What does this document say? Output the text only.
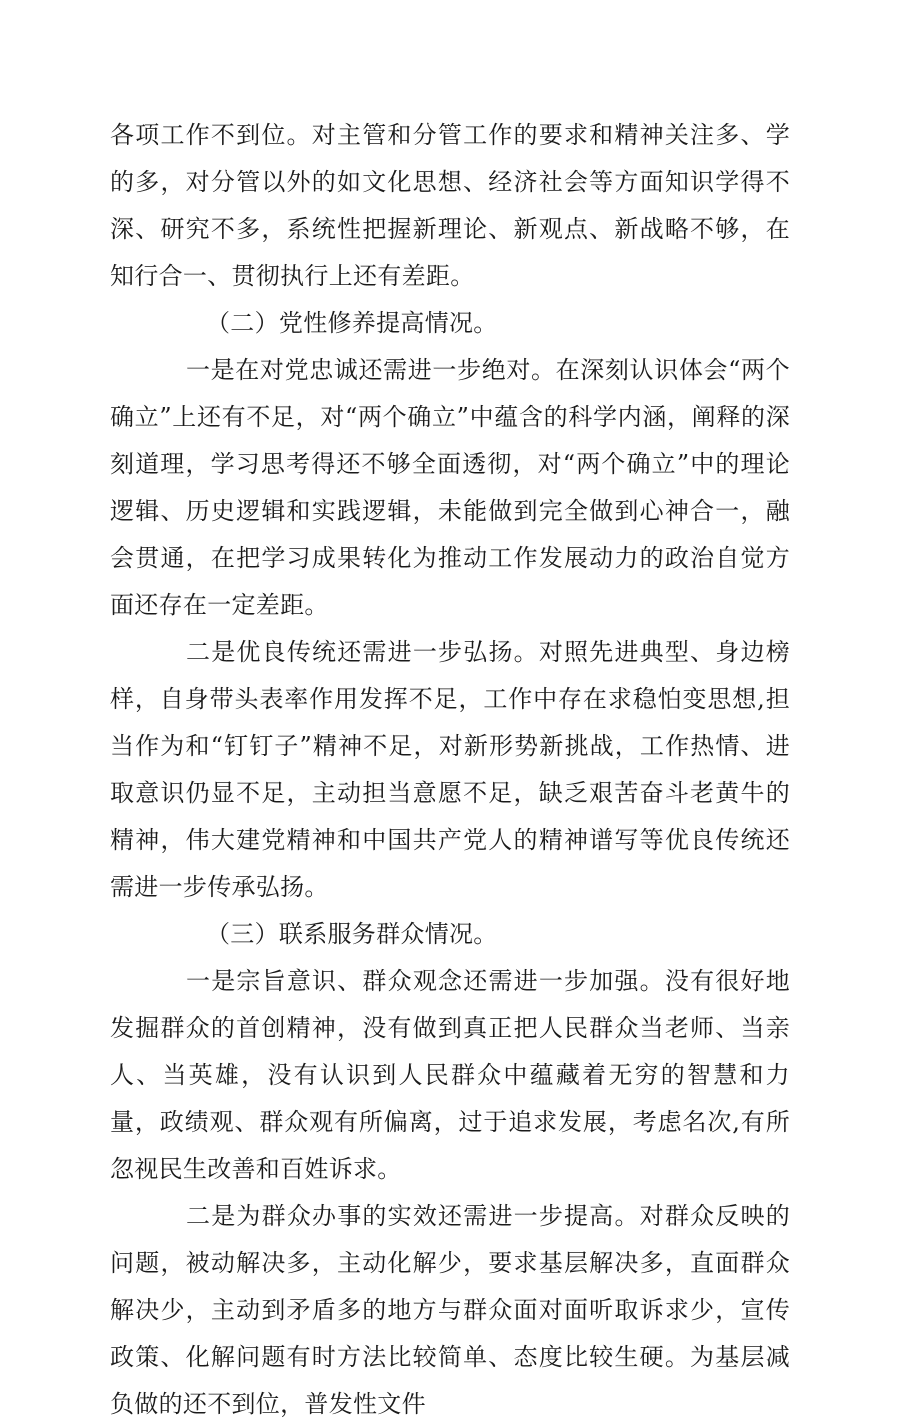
各项工作不到位。对主管和分管工作的要求和精神关注多、学的多，对分管以外的如文化思想、经济社会等方面知识学得不深、研究不多，系统性把握新理论、新观点、新战略不够，在知行合一、贯彻执行上还有差距。

（二）党性修养提高情况。

一是在对党忠诚还需进一步绝对。在深刻认识体会“两个确立”上还有不足，对“两个确立”中蕴含的科学内涵，阐释的深刻道理，学习思考得还不够全面透彻，对“两个确立”中的理论逻辑、历史逻辑和实践逻辑，未能做到完全做到心神合一，融会贯通，在把学习成果转化为推动工作发展动力的政治自觉方面还存在一定差距。

二是优良传统还需进一步弘扬。对照先进典型、身边榜样，自身带头表率作用发挥不足，工作中存在求稳怕变思想,担当作为和“钉钉子”精神不足，对新形势新挑战，工作热情、进取意识仍显不足，主动担当意愿不足，缺乏艰苦奋斗老黄牛的精神，伟大建党精神和中国共产党人的精神谱写等优良传统还需进一步传承弘扬。

（三）联系服务群众情况。

一是宗旨意识、群众观念还需进一步加强。没有很好地发掘群众的首创精神，没有做到真正把人民群众当老师、当亲人、当英雄，没有认识到人民群众中蕴藏着无穷的智慧和力量，政绩观、群众观有所偏离，过于追求发展，考虑名次,有所忽视民生改善和百姓诉求。

二是为群众办事的实效还需进一步提高。对群众反映的问题，被动解决多，主动化解少，要求基层解决多，直面群众解决少，主动到矛盾多的地方与群众面对面听取诉求少，宣传政策、化解问题有时方法比较简单、态度比较生硬。为基层减负做的还不到位，普发性文件
